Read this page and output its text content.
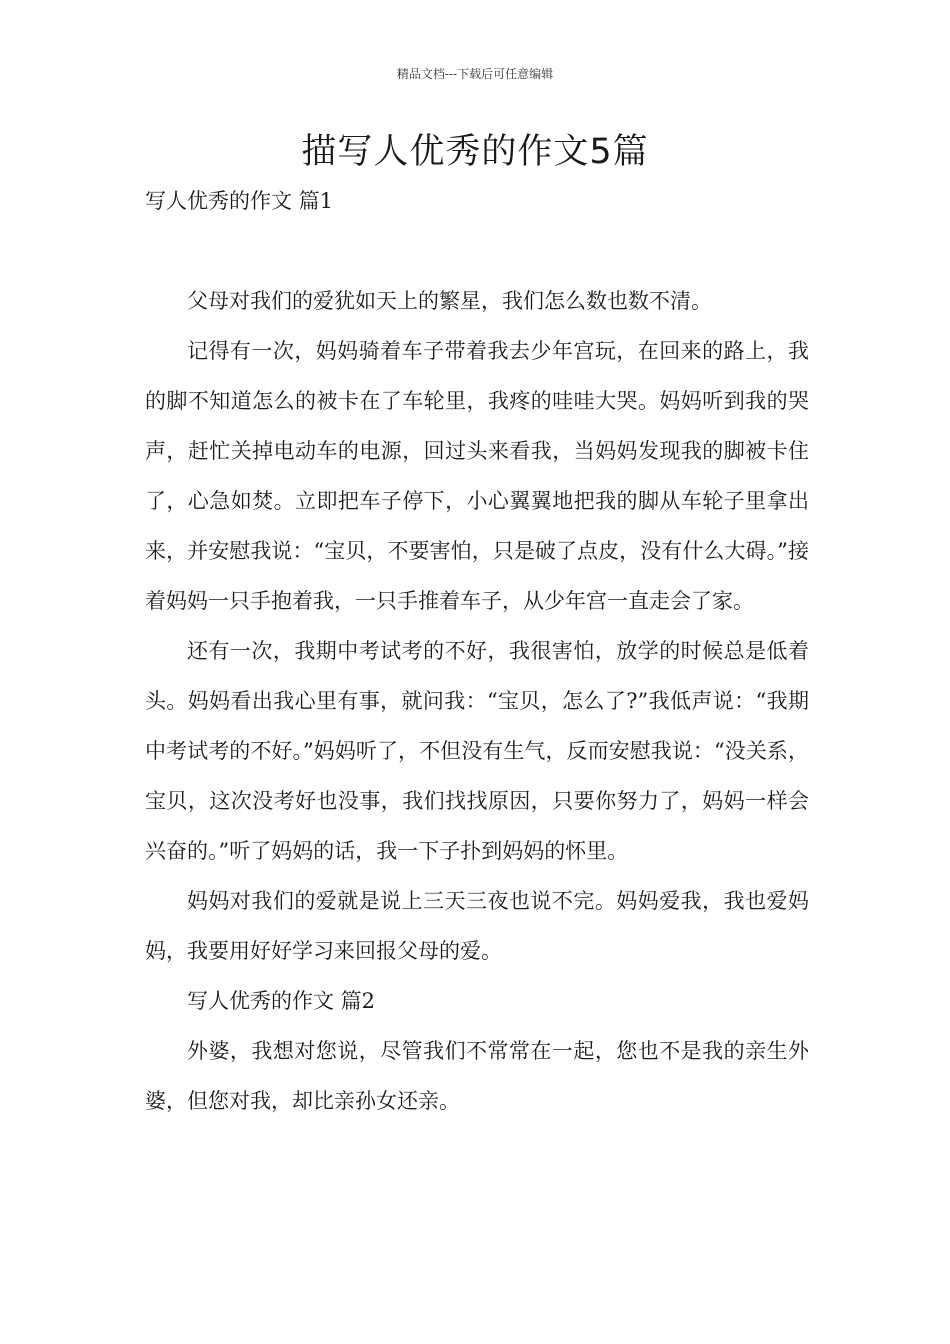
精品文档---下载后可任意编辑
描写人优秀的作文5篇
写人优秀的作文 篇1

父母对我们的爱犹如天上的繁星，我们怎么数也数不清。

记得有一次，妈妈骑着车子带着我去少年宫玩，在回来的路上，我的脚不知道怎么的被卡在了车轮里，我疼的哇哇大哭。妈妈听到我的哭声，赶忙关掉电动车的电源，回过头来看我，当妈妈发现我的脚被卡住了，心急如焚。立即把车子停下，小心翼翼地把我的脚从车轮子里拿出来，并安慰我说：“宝贝，不要害怕，只是破了点皮，没有什么大碍。”接着妈妈一只手抱着我，一只手推着车子，从少年宫一直走会了家。

还有一次，我期中考试考的不好，我很害怕，放学的时候总是低着头。妈妈看出我心里有事，就问我：“宝贝，怎么了?”我低声说：“我期中考试考的不好。”妈妈听了，不但没有生气，反而安慰我说：“没关系，宝贝，这次没考好也没事，我们找找原因，只要你努力了，妈妈一样会兴奋的。”听了妈妈的话，我一下子扑到妈妈的怀里。

妈妈对我们的爱就是说上三天三夜也说不完。妈妈爱我，我也爱妈妈，我要用好好学习来回报父母的爱。

写人优秀的作文 篇2

外婆，我想对您说，尽管我们不常常在一起，您也不是我的亲生外婆，但您对我，却比亲孙女还亲。
